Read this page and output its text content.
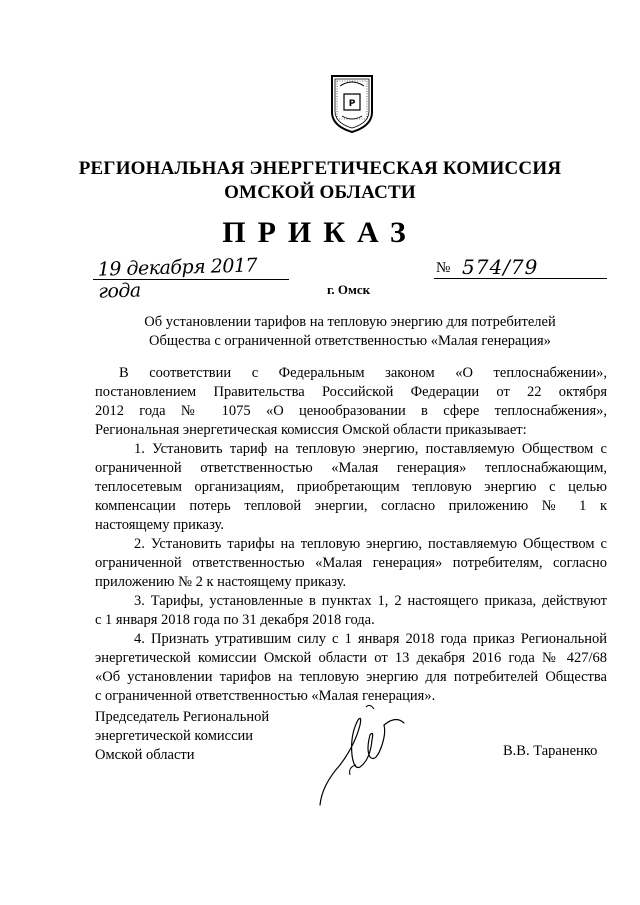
Р
РЕГИОНАЛЬНАЯ ЭНЕРГЕТИЧЕСКАЯ КОМИССИЯ
ОМСКОЙ ОБЛАСТИ
ПРИКАЗ
19 декабря 2017 года	г. Омск
№ 574/79
Об установлении тарифов на тепловую энергию для потребителей
Общества с ограниченной ответственностью «Малая генерация»
В соответствии с Федеральным законом «О теплоснабжении»,
постановлением Правительства Российской Федерации от 22 октября
2012 года № 1075 «О ценообразовании в сфере теплоснабжения»,
Региональная энергетическая комиссия Омской области приказывает:
1. Установить тариф на тепловую энергию, поставляемую Обществом с
ограниченной ответственностью «Малая генерация» теплоснабжающим,
теплосетевым организациям, приобретающим тепловую энергию с целью
компенсации потерь тепловой энергии, согласно приложению № 1 к
настоящему приказу.
2. Установить тарифы на тепловую энергию, поставляемую Обществом с
ограниченной ответственностью «Малая генерация» потребителям, согласно
приложению № 2 к настоящему приказу.
3. Тарифы, установленные в пунктах 1, 2 настоящего приказа, действуют
с 1 января 2018 года по 31 декабря 2018 года.
4. Признать утратившим силу с 1 января 2018 года приказ Региональной
энергетической комиссии Омской области от 13 декабря 2016 года № 427/68
«Об установлении тарифов на тепловую энергию для потребителей Общества
с ограниченной ответственностью «Малая генерация».
Председатель Региональной
энергетической комиссии
Омской области	В.В. Тараненко
